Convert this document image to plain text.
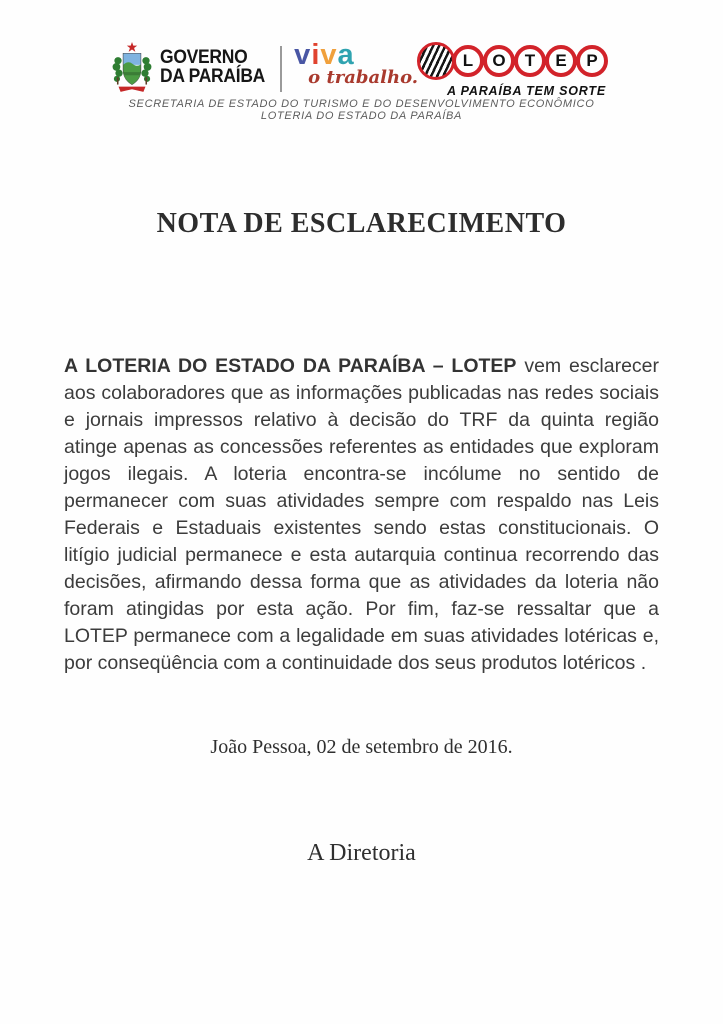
GOVERNO
DA PARAÍBA
viva

o trabalho.

L	O	T	E	P
A PARAÍBA TEM SORTE
SECRETARIA DE ESTADO DO TURISMO E DO DESENVOLVIMENTO ECONÔMICO
LOTERIA DO ESTADO DA PARAÍBA
NOTA DE ESCLARECIMENTO

A LOTERIA DO ESTADO DA PARAÍBA – LOTEP vem esclarecer aos colaboradores que as informações publicadas nas redes sociais e jornais impressos relativo à decisão do TRF da quinta região atinge apenas as concessões referentes as entidades que exploram jogos ilegais. A loteria encontra-se incólume no sentido de permanecer com suas atividades sempre com respaldo nas Leis Federais e Estaduais existentes sendo estas constitucionais. O litígio judicial permanece e esta autarquia continua recorrendo das decisões, afirmando dessa forma que as atividades da loteria não foram atingidas por esta ação. Por fim, faz-se ressaltar que a LOTEP permanece com a legalidade em suas atividades lotéricas e, por conseqüência com a continuidade dos seus produtos lotéricos .

João Pessoa, 02 de setembro de 2016.
A Diretoria
